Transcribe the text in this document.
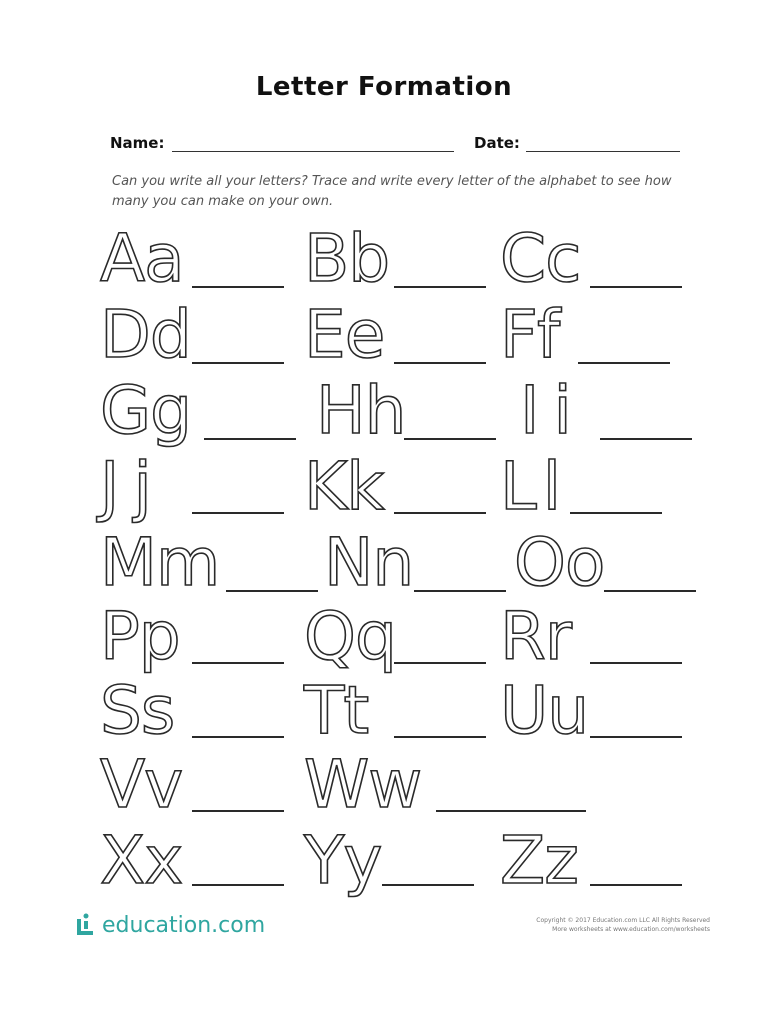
Letter Formation
Name:	Date:
Can you write all your letters? Trace and write every letter of the alphabet to see how many you can make on your own.
Aa Bb Cc
Dd Ee Ff
Gg Hh Ii
Jj Kk Ll
Mm Nn Oo
Pp Qq Rr
Ss Tt Uu
Vv Ww
Xx Yy Zz
education.com	Copyright © 2017 Education.com LLC All Rights Reserved
More worksheets at www.education.com/worksheets
